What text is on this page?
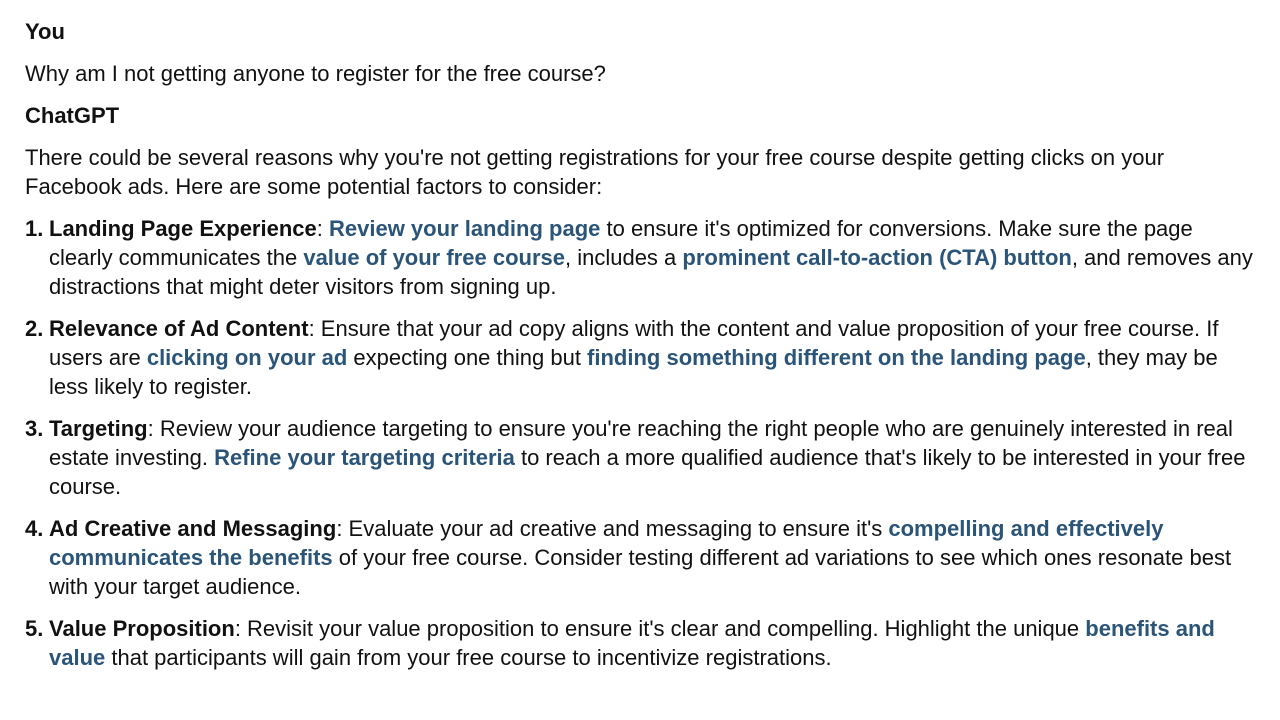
You
Why am I not getting anyone to register for the free course?
ChatGPT
There could be several reasons why you're not getting registrations for your free course despite getting clicks on your Facebook ads. Here are some potential factors to consider:
1. Landing Page Experience: Review your landing page to ensure it's optimized for conversions. Make sure the page clearly communicates the value of your free course, includes a prominent call-to-action (CTA) button, and removes any distractions that might deter visitors from signing up.
2. Relevance of Ad Content: Ensure that your ad copy aligns with the content and value proposition of your free course. If users are clicking on your ad expecting one thing but finding something different on the landing page, they may be less likely to register.
3. Targeting: Review your audience targeting to ensure you're reaching the right people who are genuinely interested in real estate investing. Refine your targeting criteria to reach a more qualified audience that's likely to be interested in your free course.
4. Ad Creative and Messaging: Evaluate your ad creative and messaging to ensure it's compelling and effectively communicates the benefits of your free course. Consider testing different ad variations to see which ones resonate best with your target audience.
5. Value Proposition: Revisit your value proposition to ensure it's clear and compelling. Highlight the unique benefits and value that participants will gain from your free course to incentivize registrations.
